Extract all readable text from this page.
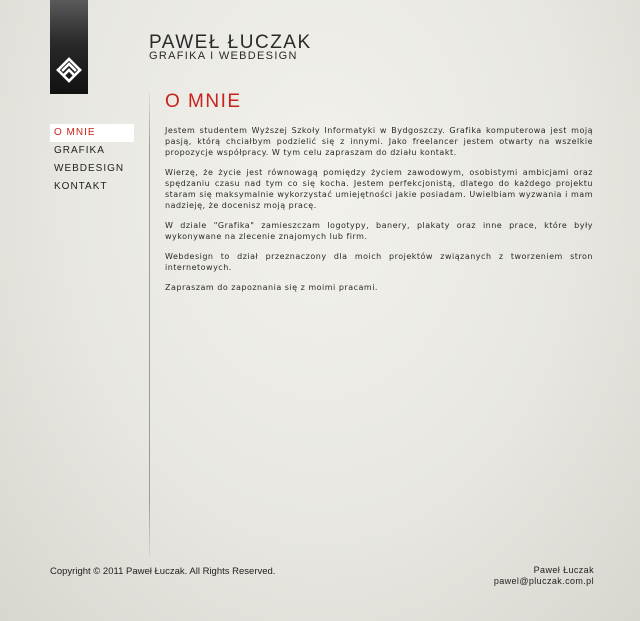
PAWEŁ ŁUCZAK
GRAFIKA I WEBDESIGN
O MNIE
GRAFIKA
WEBDESIGN
KONTAKT
O MNIE

Jestem studentem Wyższej Szkoły Informatyki w Bydgoszczy. Grafika komputerowa jest moją pasją, którą chciałbym podzielić się z innymi. Jako freelancer jestem otwarty na wszelkie propozycje współpracy. W tym celu zapraszam do działu kontakt.

Wierzę, że życie jest równowagą pomiędzy życiem zawodowym, osobistymi ambicjami oraz spędzaniu czasu nad tym co się kocha. Jestem perfekcjonistą, dlatego do każdego projektu staram się maksymalnie wykorzystać umiejętności jakie posiadam. Uwielbiam wyzwania i mam nadzieję, że docenisz moją pracę.

W dziale "Grafika" zamieszczam logotypy, banery, plakaty oraz inne prace, które były wykonywane na zlecenie znajomych lub firm.

Webdesign to dział przeznaczony dla moich projektów związanych z tworzeniem stron internetowych.

Zapraszam do zapoznania się z moimi pracami.

Copyright © 2011 Paweł Łuczak. All Rights Reserved.	Paweł Łuczak
pawel@pluczak.com.pl
